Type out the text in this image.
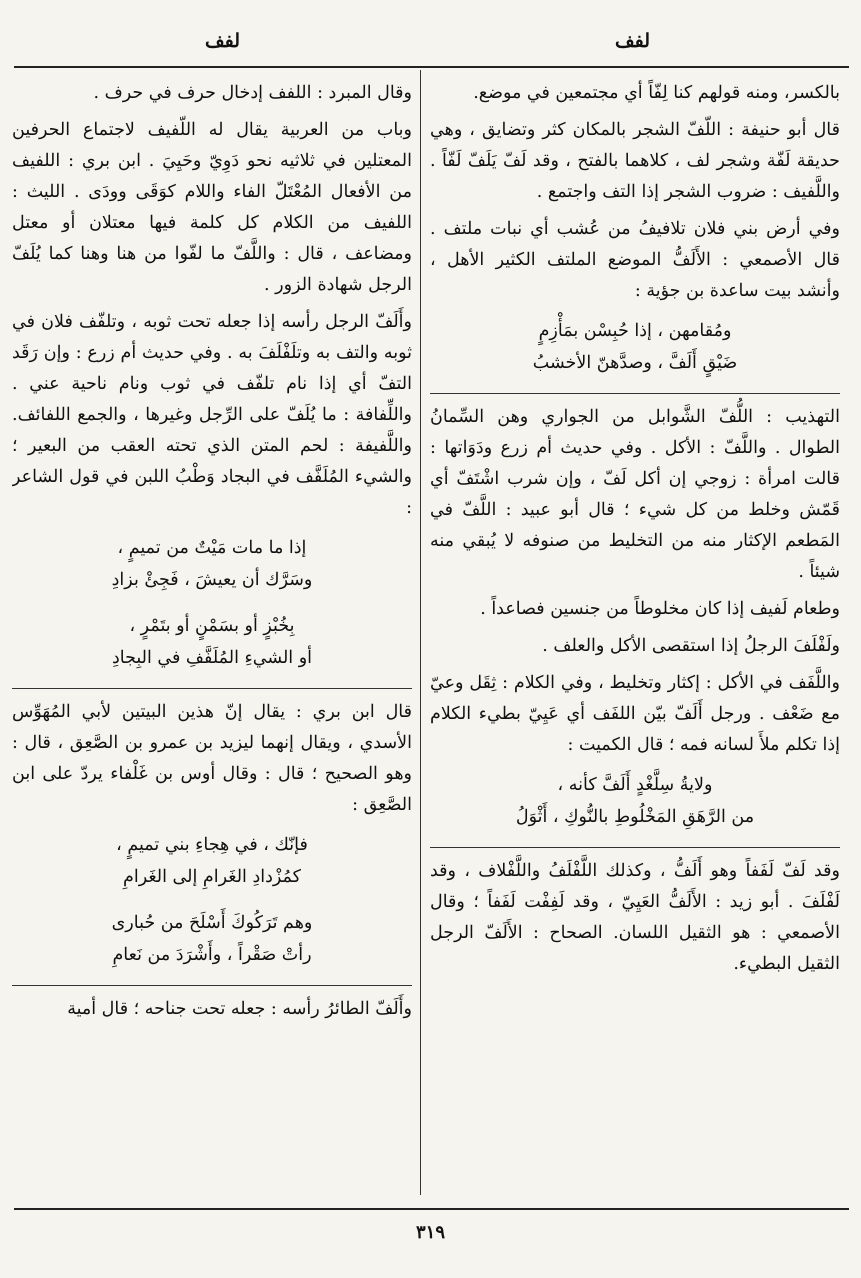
لفف	لفف

بالكسر، ومنه قولهم كنا لِفّاً أي مجتمعين في موضع.

قال أبو حنيفة : اللّفّ الشجر بالمكان كثر وتضايق ، وهي حديقة لَفّة وشجر لف ، كلاهما بالفتح ، وقد لَفّ يَلَفّ لَفّاً . واللَّفيف : ضروب الشجر إذا التف واجتمع .

وفي أرض بني فلان تلافيفُ من عُشب أي نبات ملتف . قال الأصمعي : الأَلَفُّ الموضع الملتف الكثير الأهل ، وأنشد بيت ساعدة بن جؤية :

ومُقامهن ، إذا حُبِسْن بمَأْزِمٍ
ضَيْقٍ أَلَفَّ ، وصدَّهنّ الأخشبُ

التهذيب : اللُّفّ الشَّوابل من الجواري وهن السِّمانُ الطوال . واللَّفّ : الأكل . وفي حديث أم زرع ودَوَاتها : قالت امرأة : زوجي إن أكل لَفّ ، وإن شرب اشْتَفّ أي قَمّش وخلط من كل شيء ؛ قال أبو عبيد : اللَّفّ في المَطعم الإكثار منه من التخليط من صنوفه لا يُبقي منه شيئاً .

وطعام لَفيف إذا كان مخلوطاً من جنسين فصاعداً .

ولَفْلَفَ الرجلُ إذا استقصى الأكل والعلف .

واللَّفَف في الأكل : إكثار وتخليط ، وفي الكلام : ثِقَل وعيّ مع ضَعْف . ورجل أَلَفّ بيّن اللفَف أي عَيِيّ بطيء الكلام إذا تكلم ملأَ لسانه فمه ؛ قال الكميت :

ولايةُ سِلَّغْدٍ أَلَفَّ كأنه ،
من الرَّهَقِ المَخْلُوطِ بالنُّوكِ ، أَثْوَلُ

وقد لَفّ لَفَفاً وهو أَلَفُّ ، وكذلك اللَّفْلَفُ واللَّفْلاف ، وقد لَفْلَفَ . أبو زيد : الأَلَفُّ العَيِيّ ، وقد لَفِفْت لَفَفاً ؛ وقال الأصمعي : هو الثقيل اللسان. الصحاح : الأَلَفّ الرجل الثقيل البطيء.

وقال المبرد : اللفف إدخال حرف في حرف .

وباب من العربية يقال له اللّفيف لاجتماع الحرفين المعتلين في ثلاثيه نحو دَوِيّ وحَيِيَ . ابن بري : اللفيف من الأفعال المُعْتَلّ الفاء واللام كوَقَى وودَى . الليث : اللفيف من الكلام كل كلمة فيها معتلان أو معتل ومضاعف ، قال : واللَّفّ ما لفّوا من هنا وهنا كما يُلَفّ الرجل شهادة الزور .

وأَلَفّ الرجل رأسه إذا جعله تحت ثوبه ، وتلفّف فلان في ثوبه والتف به وتلَفْلَفَ به . وفي حديث أم زرع : وإن رَقَد التفّ أي إذا نام تلفّف في ثوب ونام ناحية عني . واللِّفافة : ما يُلَفّ على الرِّجل وغيرها ، والجمع اللفائف. واللَّفيفة : لحم المتن الذي تحته العقب من البعير ؛ والشيء المُلَفَّف في البجاد وَطْبُ اللبن في قول الشاعر :

إذا ما مات مَيْتٌ من تميمٍ ،
وسَرَّك أن يعيشَ ، فَجِئْ بزادِ
بِخُبْزٍ أو بسَمْنٍ أو بتَمْرٍ ،
أو الشيءِ المُلَفَّفِ في البِجادِ

قال ابن بري : يقال إنّ هذين البيتين لأبي المُهَوِّس الأسدي ، ويقال إنهما ليزيد بن عمرو بن الصَّعِق ، قال : وهو الصحيح ؛ قال : وقال أوس بن غَلْفاء يردّ على ابن الصَّعِق :

فإنّك ، في هِجاءِ بني تميمٍ ،
كمُزْدادِ الغَرامِ إلى الغَرامِ
وهم تَرَكُوكَ أَسْلَحَ من حُبارى
رأتْ صَقْراً ، وأَشْرَدَ من نَعامِ

وأَلَفّ الطائرُ رأسه : جعله تحت جناحه ؛ قال أمية

٣١٩
